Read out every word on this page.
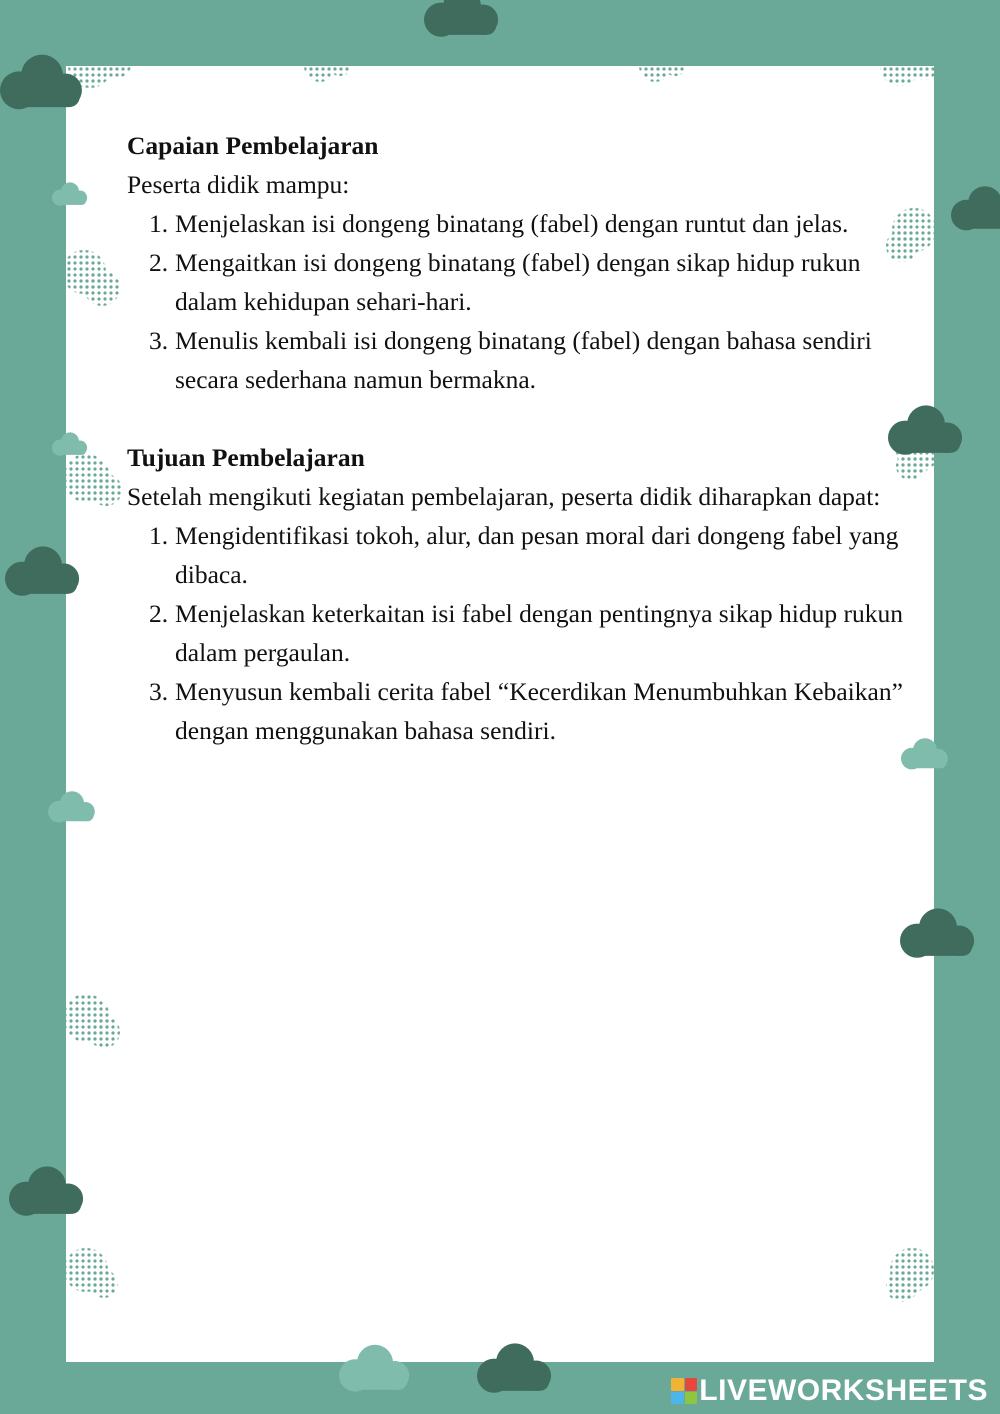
Capaian Pembelajaran

Peserta didik mampu:

1. Menjelaskan isi dongeng binatang (fabel) dengan runtut dan jelas.
2. Mengaitkan isi dongeng binatang (fabel) dengan sikap hidup rukun dalam kehidupan sehari-hari.
3. Menulis kembali isi dongeng binatang (fabel) dengan bahasa sendiri secara sederhana namun bermakna.

Tujuan Pembelajaran

Setelah mengikuti kegiatan pembelajaran, peserta didik diharapkan dapat:

1. Mengidentifikasi tokoh, alur, dan pesan moral dari dongeng fabel yang dibaca.
2. Menjelaskan keterkaitan isi fabel dengan pentingnya sikap hidup rukun dalam pergaulan.
3. Menyusun kembali cerita fabel “Kecerdikan Menumbuhkan Kebaikan” dengan menggunakan bahasa sendiri.
LIVEWORKSHEETS
